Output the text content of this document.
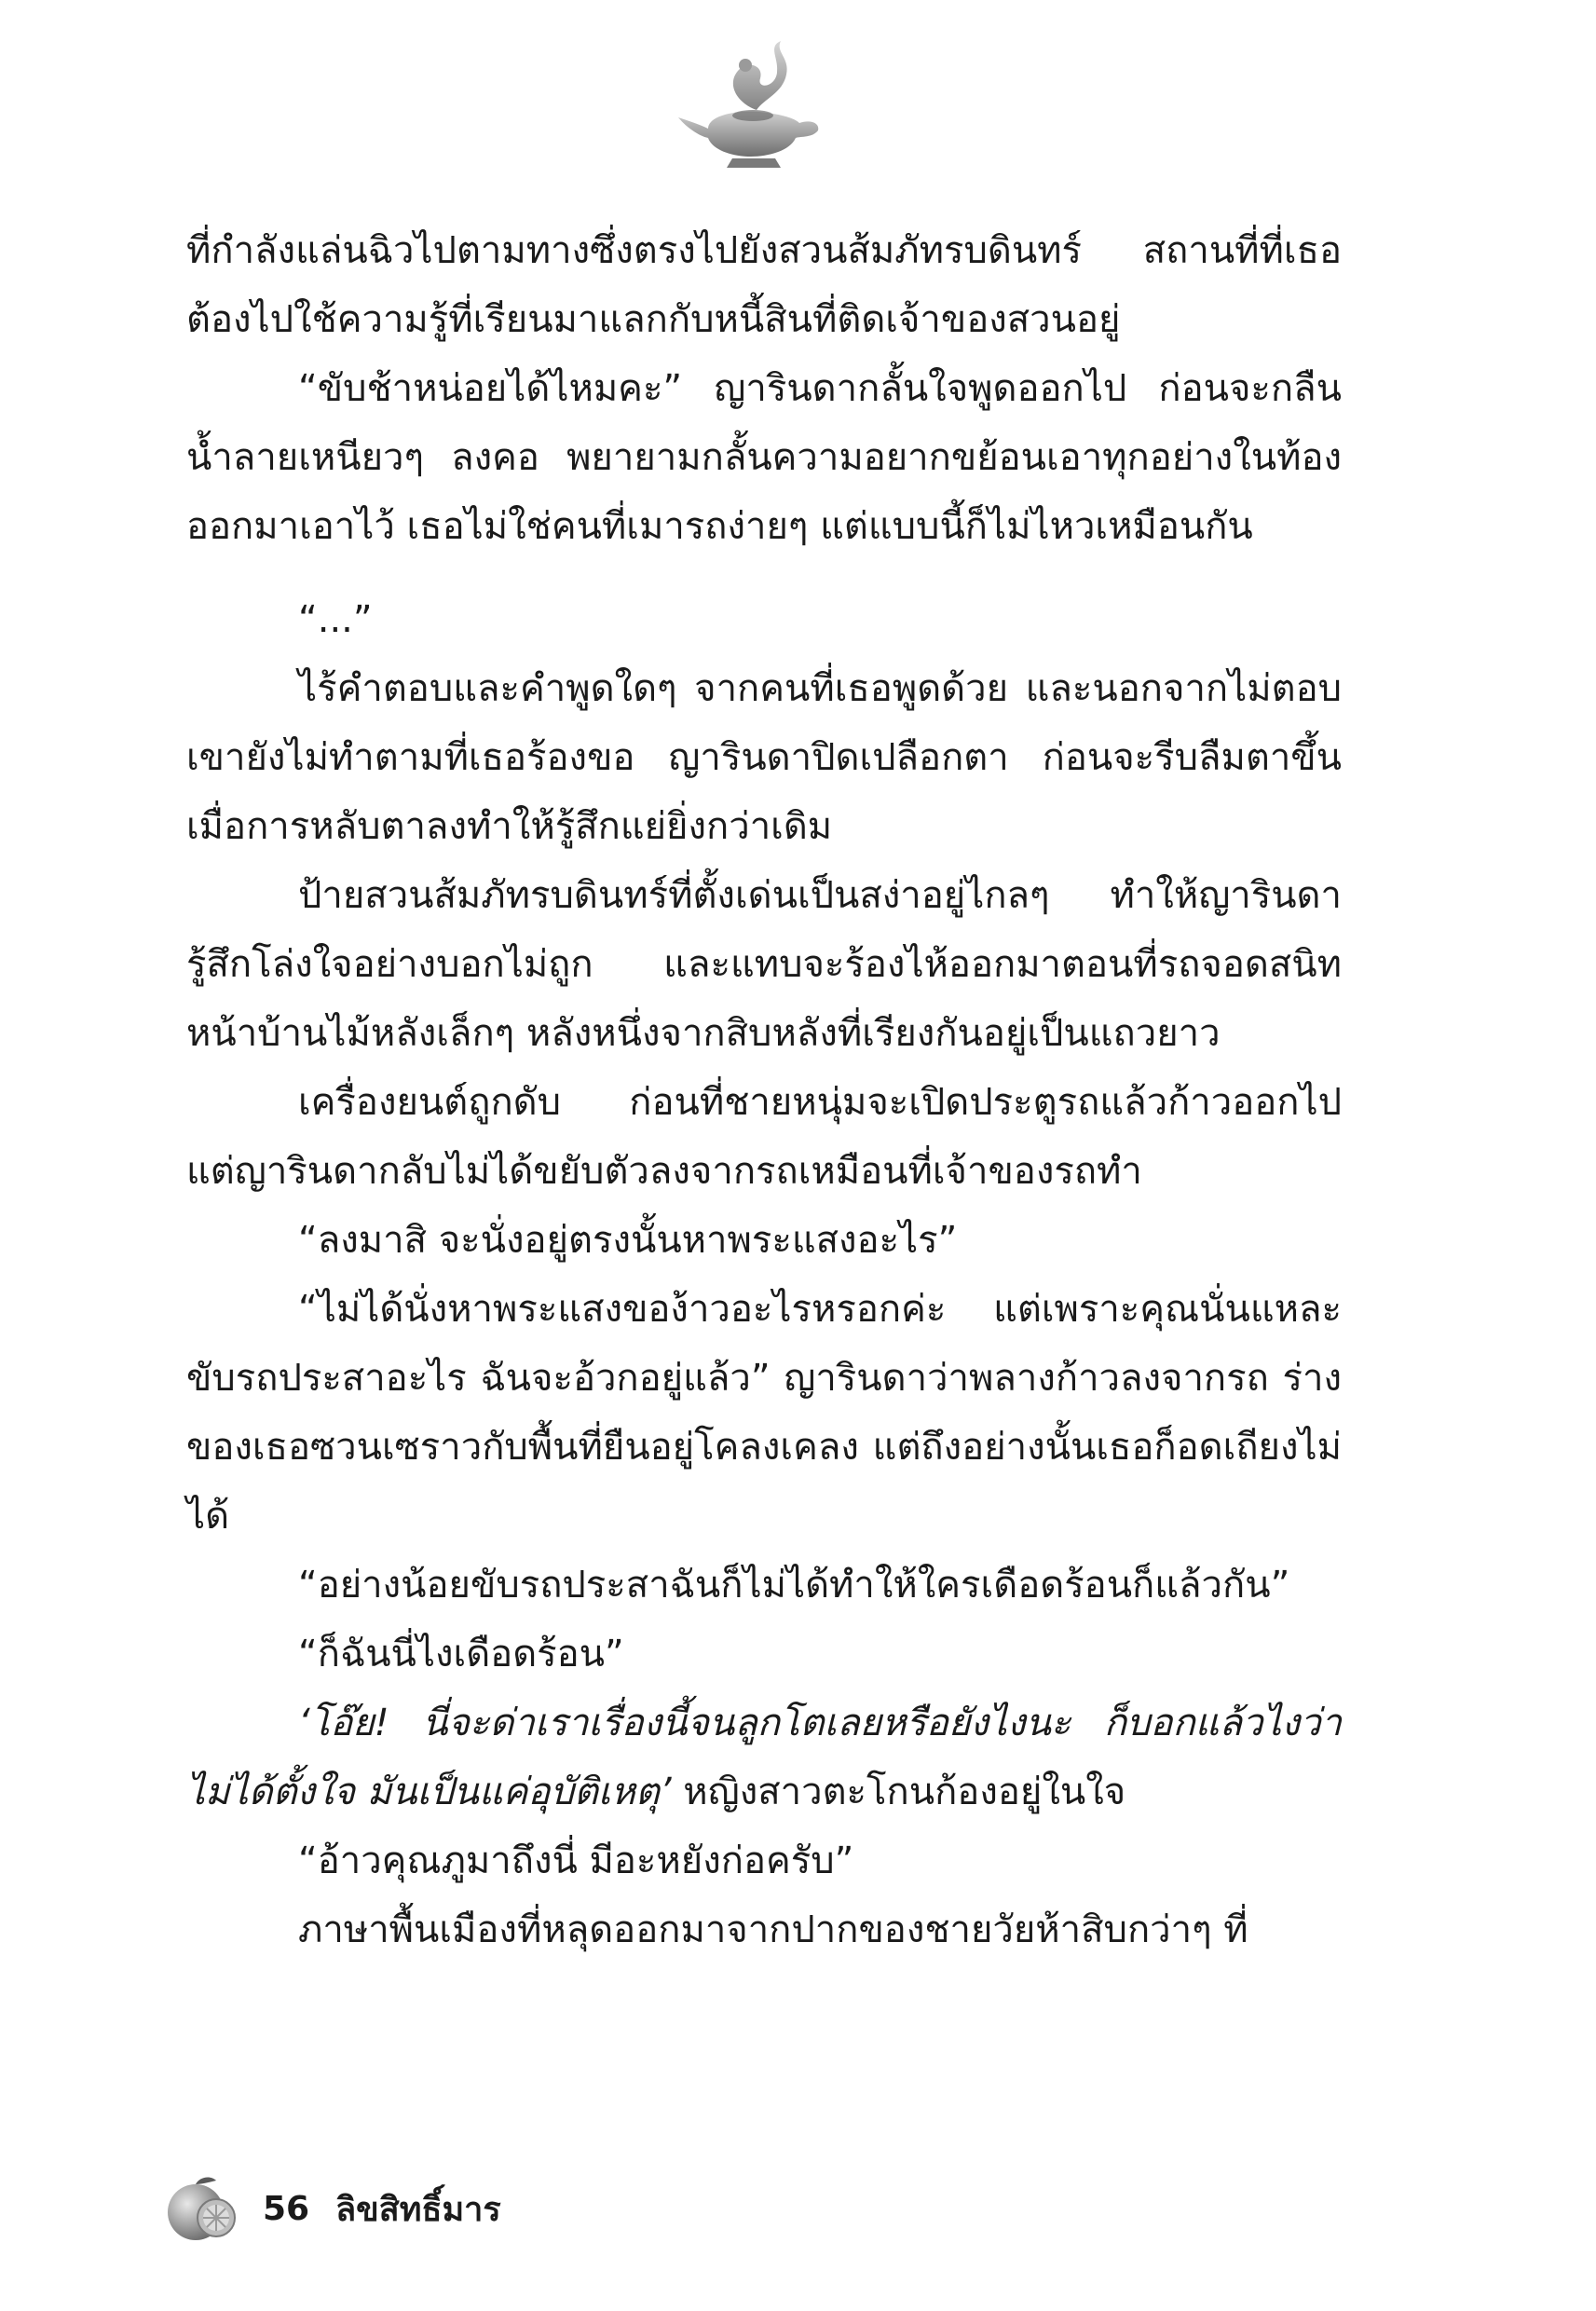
ที่กำลังแล่นฉิวไปตามทางซึ่งตรงไปยังสวนส้มภัทรบดินทร์ สถานที่ที่เธอต้องไปใช้ความรู้ที่เรียนมาแลกกับหนี้สินที่ติดเจ้าของสวนอยู่

“ขับช้าหน่อยได้ไหมคะ” ญารินดากลั้นใจพูดออกไป ก่อนจะกลืนน้ำลายเหนียวๆ ลงคอ พยายามกลั้นความอยากขย้อนเอาทุกอย่างในท้องออกมาเอาไว้ เธอไม่ใช่คนที่เมารถง่ายๆ แต่แบบนี้ก็ไม่ไหวเหมือนกัน

“...”

ไร้คำตอบและคำพูดใดๆ จากคนที่เธอพูดด้วย และนอกจากไม่ตอบ เขายังไม่ทำตามที่เธอร้องขอ ญารินดาปิดเปลือกตา ก่อนจะรีบลืมตาขึ้นเมื่อการหลับตาลงทำให้รู้สึกแย่ยิ่งกว่าเดิม

ป้ายสวนส้มภัทรบดินทร์ที่ตั้งเด่นเป็นสง่าอยู่ไกลๆ ทำให้ญารินดารู้สึกโล่งใจอย่างบอกไม่ถูก และแทบจะร้องไห้ออกมาตอนที่รถจอดสนิทหน้าบ้านไม้หลังเล็กๆ หลังหนึ่งจากสิบหลังที่เรียงกันอยู่เป็นแถวยาว

เครื่องยนต์ถูกดับ ก่อนที่ชายหนุ่มจะเปิดประตูรถแล้วก้าวออกไป แต่ญารินดากลับไม่ได้ขยับตัวลงจากรถเหมือนที่เจ้าของรถทำ

“ลงมาสิ จะนั่งอยู่ตรงนั้นหาพระแสงอะไร”

“ไม่ได้นั่งหาพระแสงของ้าวอะไรหรอกค่ะ แต่เพราะคุณนั่นแหละขับรถประสาอะไร ฉันจะอ้วกอยู่แล้ว” ญารินดาว่าพลางก้าวลงจากรถ ร่างของเธอซวนเซราวกับพื้นที่ยืนอยู่โคลงเคลง แต่ถึงอย่างนั้นเธอก็อดเถียงไม่ได้

“อย่างน้อยขับรถประสาฉันก็ไม่ได้ทำให้ใครเดือดร้อนก็แล้วกัน”

“ก็ฉันนี่ไงเดือดร้อน”

‘โอ๊ย! นี่จะด่าเราเรื่องนี้จนลูกโตเลยหรือยังไงนะ ก็บอกแล้วไงว่าไม่ได้ตั้งใจ มันเป็นแค่อุบัติเหตุ’ หญิงสาวตะโกนก้องอยู่ในใจ

“อ้าวคุณภูมาถึงนี่ มีอะหยังก่อครับ”

ภาษาพื้นเมืองที่หลุดออกมาจากปากของชายวัยห้าสิบกว่าๆ ที่

56 ลิขสิทธิ์มาร
